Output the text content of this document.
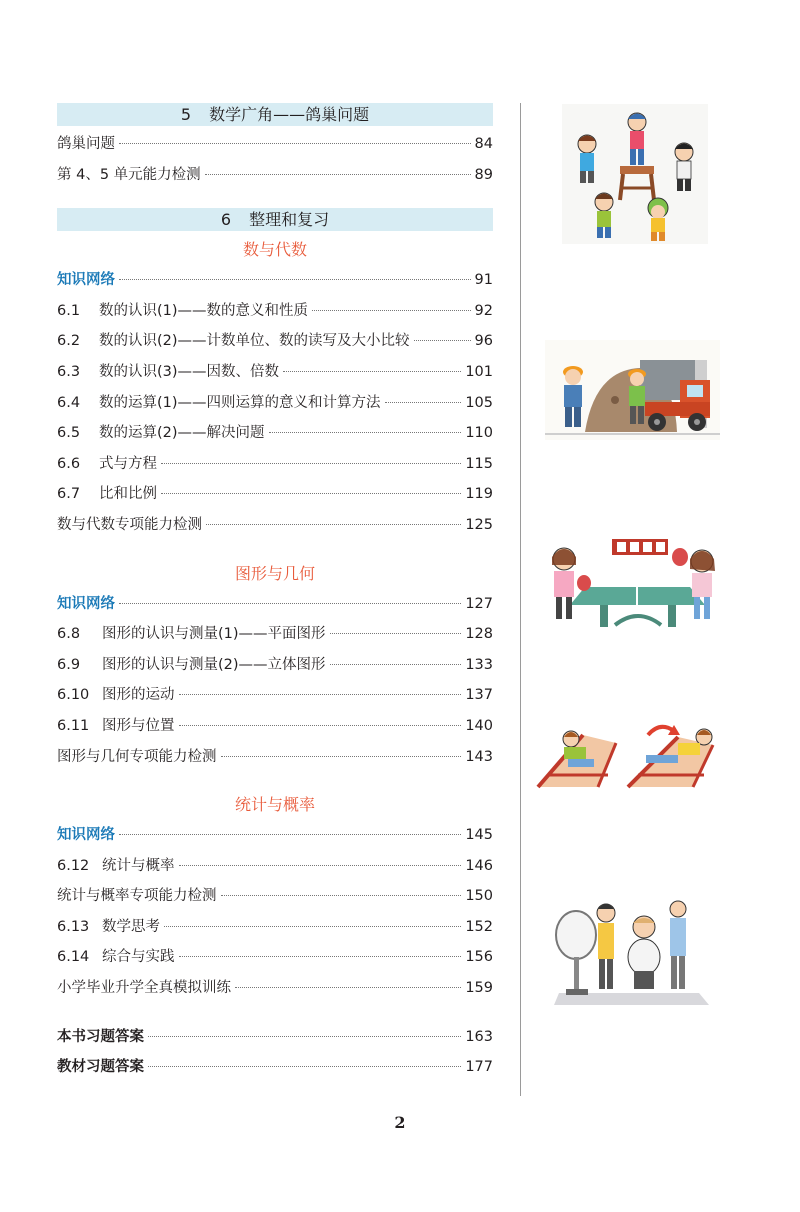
5 数学广角——鸽巢问题
鸽巢问题	84
第 4、5 单元能力检测	89
6 整理和复习
数与代数
知识网络	91
6.1	数的认识(1)——数的意义和性质	92
6.2	数的认识(2)——计数单位、数的读写及大小比较	96
6.3	数的认识(3)——因数、倍数	101
6.4	数的运算(1)——四则运算的意义和计算方法	105
6.5	数的运算(2)——解决问题	110
6.6	式与方程	115
6.7	比和比例	119
数与代数专项能力检测	125
图形与几何
知识网络	127
6.8	图形的认识与测量(1)——平面图形	128
6.9	图形的认识与测量(2)——立体图形	133
6.10 图形的运动	137
6.11 图形与位置	140
图形与几何专项能力检测	143
统计与概率
知识网络	145
6.12 统计与概率	146
统计与概率专项能力检测	150
6.13 数学思考	152
6.14 综合与实践	156
小学毕业升学全真模拟训练	159
本书习题答案	163
教材习题答案	177
2
